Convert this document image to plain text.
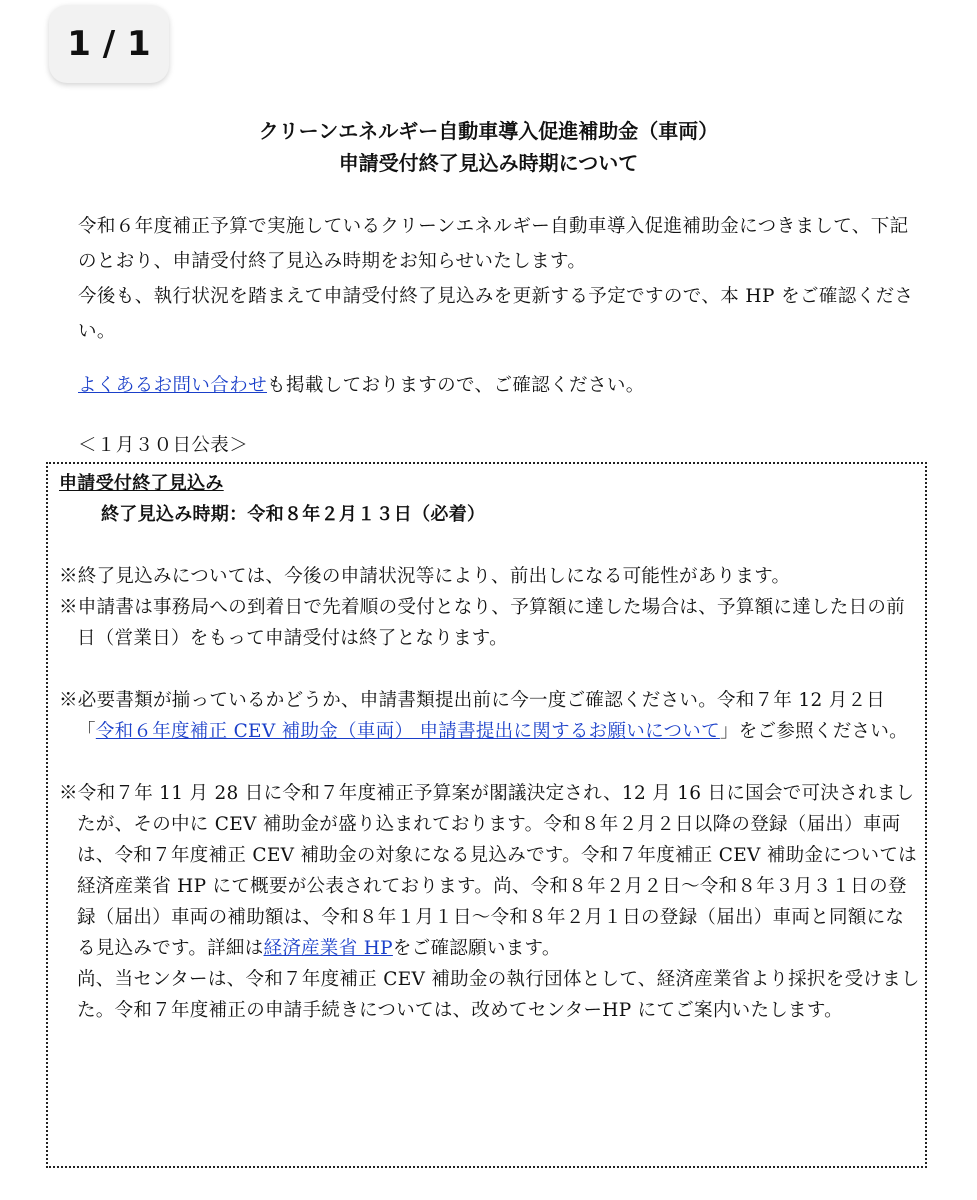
1 / 1
クリーンエネルギー自動車導入促進補助金（車両）
申請受付終了見込み時期について

令和６年度補正予算で実施しているクリーンエネルギー自動車導入促進補助金につきまして、下記のとおり、申請受付終了見込み時期をお知らせいたします。

今後も、執行状況を踏まえて申請受付終了見込みを更新する予定ですので、本 HP をご確認ください。

よくあるお問い合わせも掲載しておりますので、ご確認ください。
＜１月３０日公表＞
申請受付終了見込み
終了見込み時期：令和８年２月１３日（必着）

※終了見込みについては、今後の申請状況等により、前出しになる可能性があります。

※申請書は事務局への到着日で先着順の受付となり、予算額に達した場合は、予算額に達した日の前日（営業日）をもって申請受付は終了となります。

※必要書類が揃っているかどうか、申請書類提出前に今一度ご確認ください。令和７年 12 月２日「令和６年度補正 CEV 補助金（車両） 申請書提出に関するお願いについて」をご参照ください。

※令和７年 11 月 28 日に令和７年度補正予算案が閣議決定され、12 月 16 日に国会で可決されましたが、その中に CEV 補助金が盛り込まれております。令和８年２月２日以降の登録（届出）車両は、令和７年度補正 CEV 補助金の対象になる見込みです。令和７年度補正 CEV 補助金については経済産業省 HP にて概要が公表されております。尚、令和８年２月２日～令和８年３月３１日の登録（届出）車両の補助額は、令和８年１月１日～令和８年２月１日の登録（届出）車両と同額になる見込みです。詳細は経済産業省 HPをご確認願います。

尚、当センターは、令和７年度補正 CEV 補助金の執行団体として、経済産業省より採択を受けました。令和７年度補正の申請手続きについては、改めてセンターHP にてご案内いたします。
